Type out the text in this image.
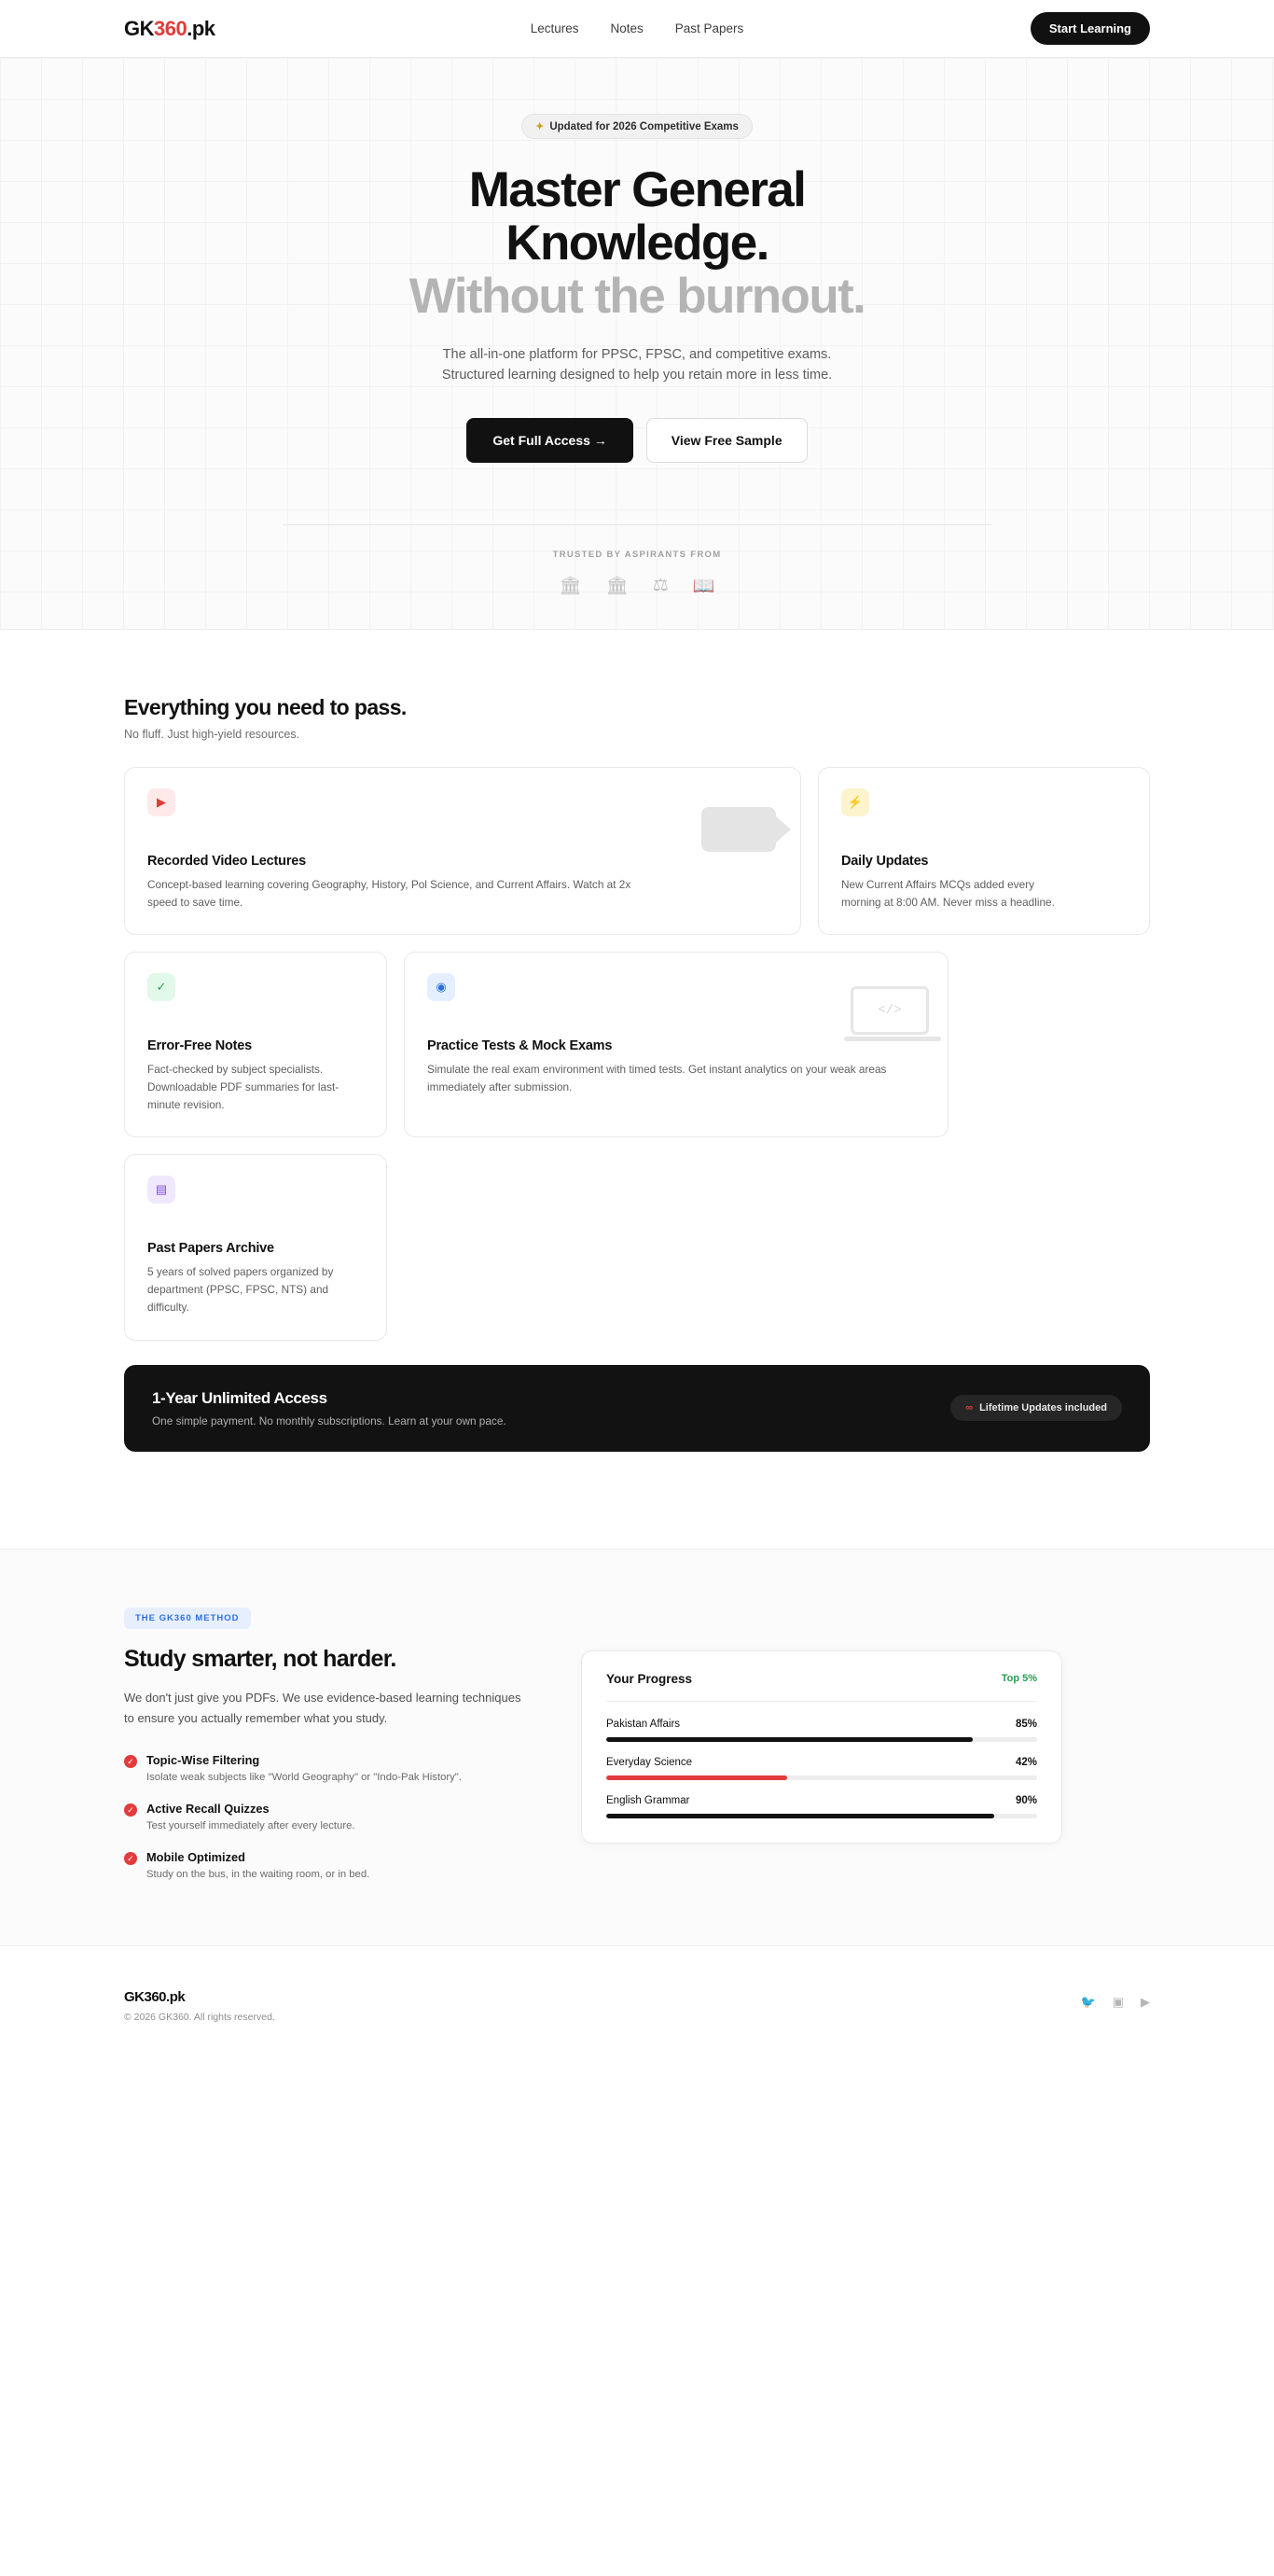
GK360.pk	Lectures	Notes	Past Papers	Start Learning
✦ Updated for 2026 Competitive Exams
Master General
Knowledge.
Without the burnout.
The all-in-one platform for PPSC, FPSC, and competitive exams.
Structured learning designed to help you retain more in less time.
Get Full Access →	View Free Sample
TRUSTED BY ASPIRANTS FROM
🏛 🏛 ⚖ 📖
Everything you need to pass.
No fluff. Just high-yield resources.
▶
Recorded Video Lectures

Concept-based learning covering Geography, History, Pol Science, and Current Affairs. Watch at 2x speed to save time.

⚡
Daily Updates

New Current Affairs MCQs added every morning at 8:00 AM. Never miss a headline.

✓
Error-Free Notes

Fact-checked by subject specialists. Downloadable PDF summaries for last-minute revision.

◉
</>
Practice Tests & Mock Exams

Simulate the real exam environment with timed tests. Get instant analytics on your weak areas immediately after submission.

▤
Past Papers Archive

5 years of solved papers organized by department (PPSC, FPSC, NTS) and difficulty.

1-Year Unlimited Access

One simple payment. No monthly subscriptions. Learn at your own pace.

∞ Lifetime Updates included
THE GK360 METHOD
Study smarter, not harder.

We don't just give you PDFs. We use evidence-based learning techniques to ensure you actually remember what you study.

✓ Topic-Wise Filtering

Isolate weak subjects like "World Geography" or "Indo-Pak History".

✓ Active Recall Quizzes

Test yourself immediately after every lecture.

✓ Mobile Optimized

Study on the bus, in the waiting room, or in bed.

Your Progress	Top 5%
Pakistan Affairs	85%
Everyday Science	42%
English Grammar	90%
GK360.pk
© 2026 GK360. All rights reserved.
🐦 ▣ ▶
